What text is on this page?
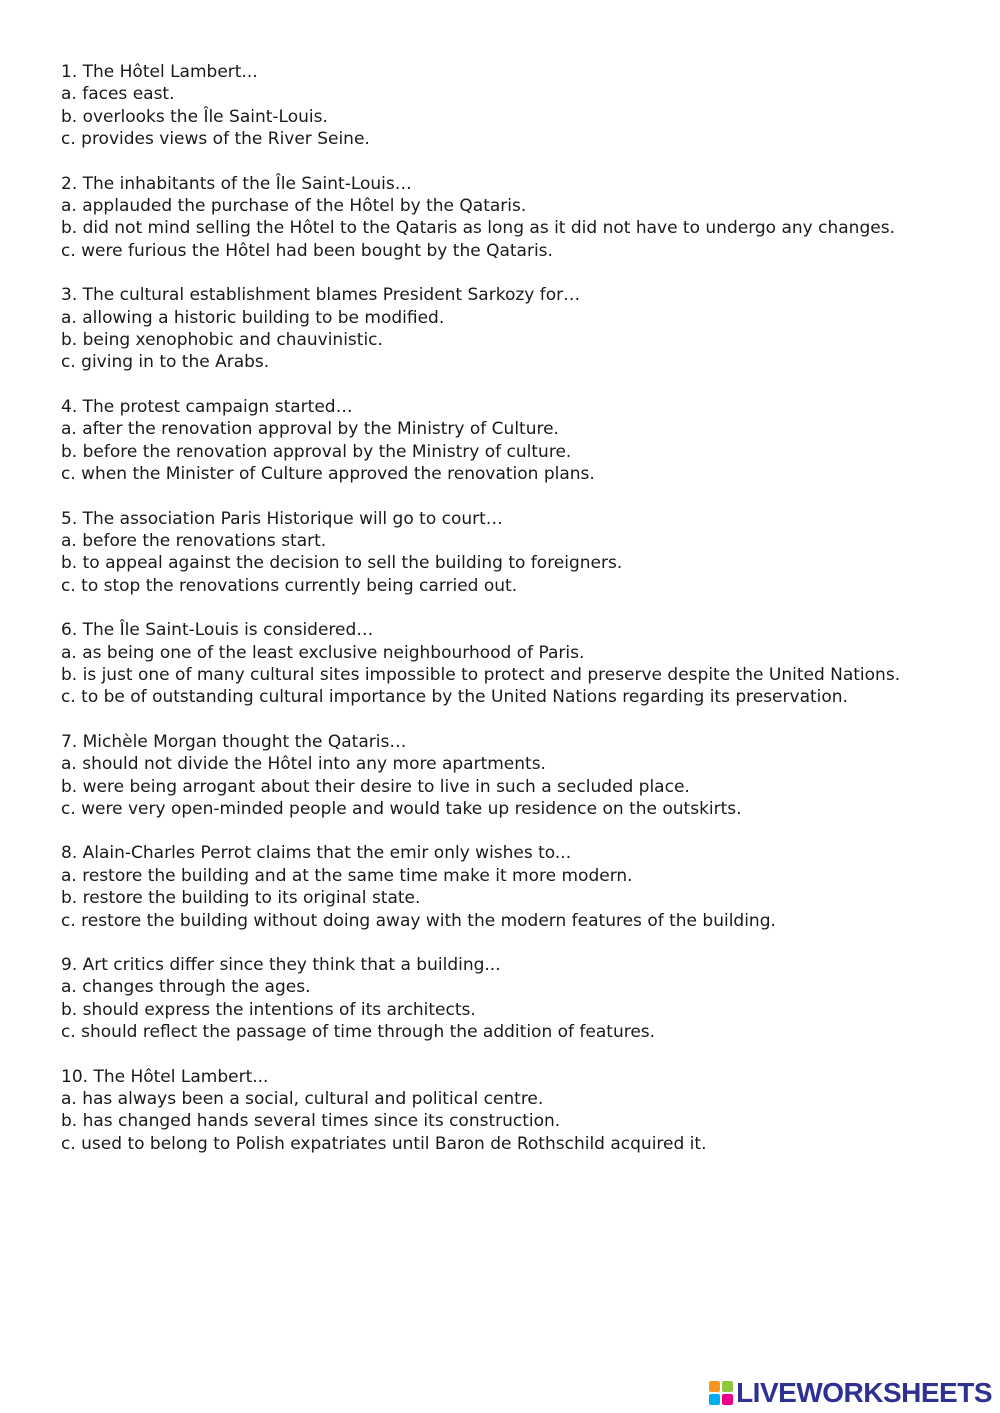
1. The Hôtel Lambert...
a. faces east.
b. overlooks the Île Saint-Louis.
c. provides views of the River Seine.
2. The inhabitants of the Île Saint-Louis…
a. applauded the purchase of the Hôtel by the Qataris.
b. did not mind selling the Hôtel to the Qataris as long as it did not have to undergo any changes.
c. were furious the Hôtel had been bought by the Qataris.
3. The cultural establishment blames President Sarkozy for…
a. allowing a historic building to be modified.
b. being xenophobic and chauvinistic.
c. giving in to the Arabs.
4. The protest campaign started…
a. after the renovation approval by the Ministry of Culture.
b. before the renovation approval by the Ministry of culture.
c. when the Minister of Culture approved the renovation plans.
5. The association Paris Historique will go to court…
a. before the renovations start.
b. to appeal against the decision to sell the building to foreigners.
c. to stop the renovations currently being carried out.
6. The Île Saint-Louis is considered…
a. as being one of the least exclusive neighbourhood of Paris.
b. is just one of many cultural sites impossible to protect and preserve despite the United Nations.
c. to be of outstanding cultural importance by the United Nations regarding its preservation.
7. Michèle Morgan thought the Qataris…
a. should not divide the Hôtel into any more apartments.
b. were being arrogant about their desire to live in such a secluded place.
c. were very open-minded people and would take up residence on the outskirts.
8. Alain-Charles Perrot claims that the emir only wishes to...
a. restore the building and at the same time make it more modern.
b. restore the building to its original state.
c. restore the building without doing away with the modern features of the building.
9. Art critics differ since they think that a building...
a. changes through the ages.
b. should express the intentions of its architects.
c. should reflect the passage of time through the addition of features.
10. The Hôtel Lambert...
a. has always been a social, cultural and political centre.
b. has changed hands several times since its construction.
c. used to belong to Polish expatriates until Baron de Rothschild acquired it.
LIVEWORKSHEETS
